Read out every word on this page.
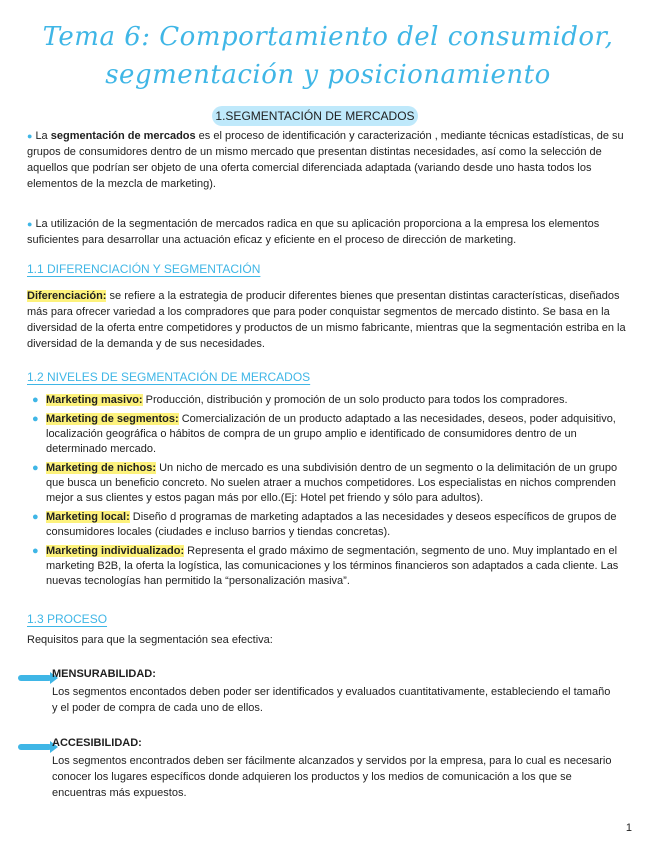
Tema 6: Comportamiento del consumidor,
segmentación y posicionamiento
1.SEGMENTACIÓN DE MERCADOS

● La segmentación de mercados es el proceso de identificación y caracterización , mediante técnicas estadísticas, de su grupos de consumidores dentro de un mismo mercado que presentan distintas necesidades, así como la selección de aquellos que podrían ser objeto de una oferta comercial diferenciada adaptada (variando desde uno hasta todos los elementos de la mezcla de marketing).

● La utilización de la segmentación de mercados radica en que su aplicación proporciona a la empresa los elementos suficientes para desarrollar una actuación eficaz y eficiente en el proceso de dirección de marketing.

1.1 DIFERENCIACIÓN Y SEGMENTACIÓN

Diferenciación: se refiere a la estrategia de producir diferentes bienes que presentan distintas características, diseñados más para ofrecer variedad a los compradores que para poder conquistar segmentos de mercado distinto. Se basa en la diversidad de la oferta entre competidores y productos de un mismo fabricante, mientras que la segmentación estriba en la diversidad de la demanda y de sus necesidades.

1.2 NIVELES DE SEGMENTACIÓN DE MERCADOS
● Marketing masivo: Producción, distribución y promoción de un solo producto para todos los compradores.
● Marketing de segmentos: Comercialización de un producto adaptado a las necesidades, deseos, poder adquisitivo, localización geográfica o hábitos de compra de un grupo amplio e identificado de consumidores dentro de un determinado mercado.
● Marketing de nichos: Un nicho de mercado es una subdivisión dentro de un segmento o la delimitación de un grupo que busca un beneficio concreto. No suelen atraer a muchos competidores. Los especialistas en nichos comprenden mejor a sus clientes y estos pagan más por ello.(Ej: Hotel pet friendo y sólo para adultos).
● Marketing local: Diseño d programas de marketing adaptados a las necesidades y deseos específicos de grupos de consumidores locales (ciudades e incluso barrios y tiendas concretas).
● Marketing individualizado: Representa el grado máximo de segmentación, segmento de uno. Muy implantado en el marketing B2B, la oferta la logística, las comunicaciones y los términos financieros son adaptados a cada cliente. Las nuevas tecnologías han permitido la “personalización masiva”.
1.3 PROCESO

Requisitos para que la segmentación sea efectiva:

MENSURABILIDAD:

Los segmentos encontados deben poder ser identificados y evaluados cuantitativamente, estableciendo el tamaño y el poder de compra de cada uno de ellos.

ACCESIBILIDAD:

Los segmentos encontrados deben ser fácilmente alcanzados y servidos por la empresa, para lo cual es necesario conocer los lugares específicos donde adquieren los productos y los medios de comunicación a los que se encuentras más expuestos.

1
